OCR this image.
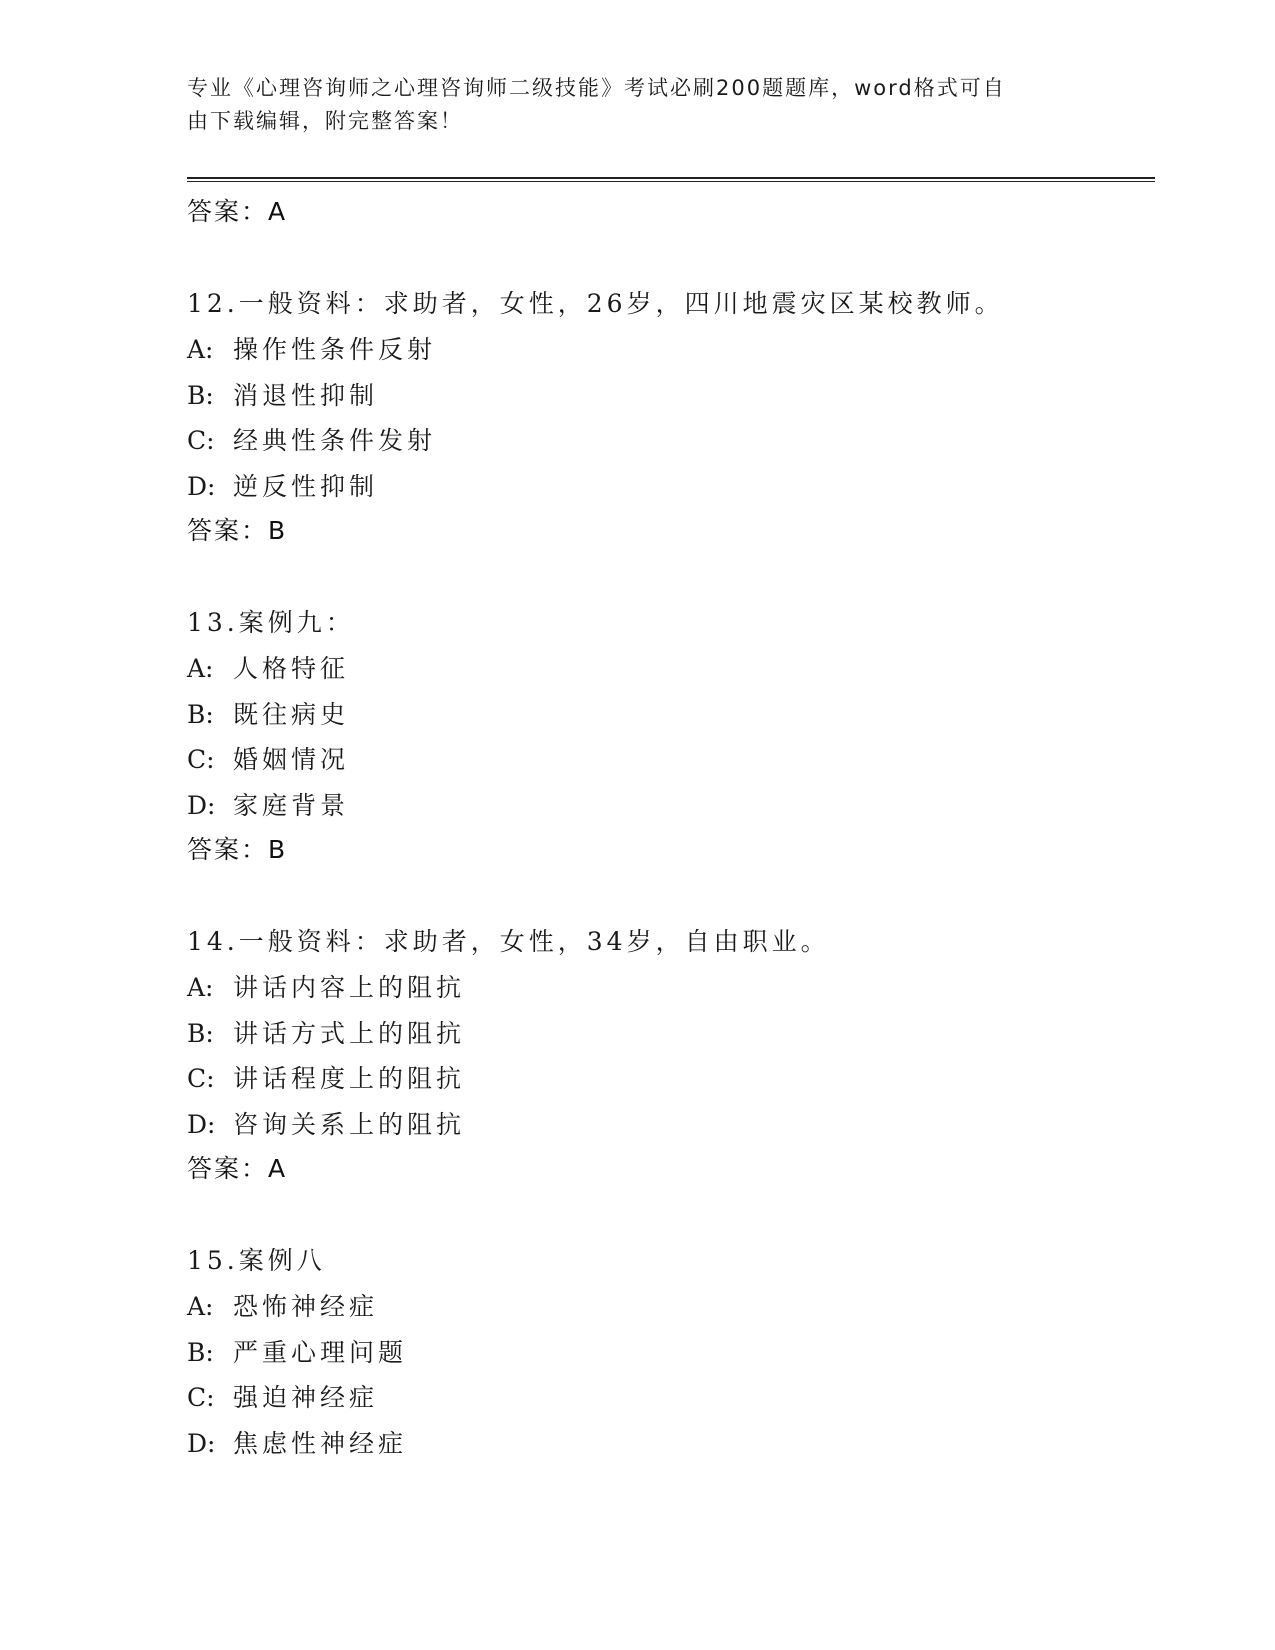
专业《心理咨询师之心理咨询师二级技能》考试必刷200题题库，word格式可自
由下载编辑，附完整答案！
答案：A
12.一般资料：求助者，女性，26岁，四川地震灾区某校教师。
A: 操作性条件反射
B: 消退性抑制
C: 经典性条件发射
D: 逆反性抑制
答案：B
13.案例九：
A: 人格特征
B: 既往病史
C: 婚姻情况
D: 家庭背景
答案：B
14.一般资料：求助者，女性，34岁，自由职业。
A: 讲话内容上的阻抗
B: 讲话方式上的阻抗
C: 讲话程度上的阻抗
D: 咨询关系上的阻抗
答案：A
15.案例八
A: 恐怖神经症
B: 严重心理问题
C: 强迫神经症
D: 焦虑性神经症
